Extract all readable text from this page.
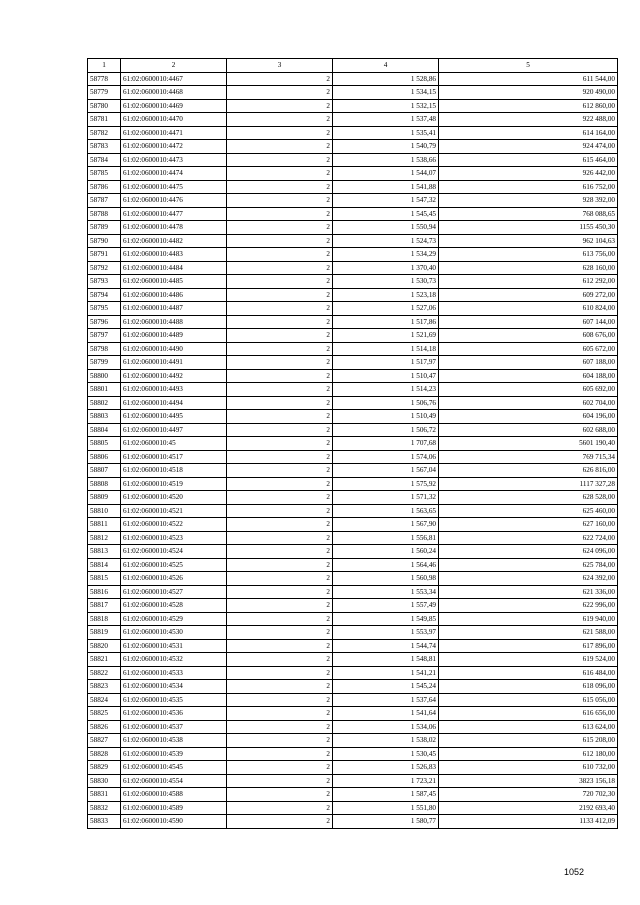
1	2	3	4	5
58778	61:02:0600010:4467	2	1 528,86	611 544,00
58779	61:02:0600010:4468	2	1 534,15	920 490,00
58780	61:02:0600010:4469	2	1 532,15	612 860,00
58781	61:02:0600010:4470	2	1 537,48	922 488,00
58782	61:02:0600010:4471	2	1 535,41	614 164,00
58783	61:02:0600010:4472	2	1 540,79	924 474,00
58784	61:02:0600010:4473	2	1 538,66	615 464,00
58785	61:02:0600010:4474	2	1 544,07	926 442,00
58786	61:02:0600010:4475	2	1 541,88	616 752,00
58787	61:02:0600010:4476	2	1 547,32	928 392,00
58788	61:02:0600010:4477	2	1 545,45	768 088,65
58789	61:02:0600010:4478	2	1 550,94	1155 450,30
58790	61:02:0600010:4482	2	1 524,73	962 104,63
58791	61:02:0600010:4483	2	1 534,29	613 756,00
58792	61:02:0600010:4484	2	1 370,40	628 160,00
58793	61:02:0600010:4485	2	1 530,73	612 292,00
58794	61:02:0600010:4486	2	1 523,18	609 272,00
58795	61:02:0600010:4487	2	1 527,06	610 824,00
58796	61:02:0600010:4488	2	1 517,86	607 144,00
58797	61:02:0600010:4489	2	1 521,69	608 676,00
58798	61:02:0600010:4490	2	1 514,18	605 672,00
58799	61:02:0600010:4491	2	1 517,97	607 188,00
58800	61:02:0600010:4492	2	1 510,47	604 188,00
58801	61:02:0600010:4493	2	1 514,23	605 692,00
58802	61:02:0600010:4494	2	1 506,76	602 704,00
58803	61:02:0600010:4495	2	1 510,49	604 196,00
58804	61:02:0600010:4497	2	1 506,72	602 688,00
58805	61:02:0600010:45	2	1 707,68	5601 190,40
58806	61:02:0600010:4517	2	1 574,06	769 715,34
58807	61:02:0600010:4518	2	1 567,04	626 816,00
58808	61:02:0600010:4519	2	1 575,92	1117 327,28
58809	61:02:0600010:4520	2	1 571,32	628 528,00
58810	61:02:0600010:4521	2	1 563,65	625 460,00
58811	61:02:0600010:4522	2	1 567,90	627 160,00
58812	61:02:0600010:4523	2	1 556,81	622 724,00
58813	61:02:0600010:4524	2	1 560,24	624 096,00
58814	61:02:0600010:4525	2	1 564,46	625 784,00
58815	61:02:0600010:4526	2	1 560,98	624 392,00
58816	61:02:0600010:4527	2	1 553,34	621 336,00
58817	61:02:0600010:4528	2	1 557,49	622 996,00
58818	61:02:0600010:4529	2	1 549,85	619 940,00
58819	61:02:0600010:4530	2	1 553,97	621 588,00
58820	61:02:0600010:4531	2	1 544,74	617 896,00
58821	61:02:0600010:4532	2	1 548,81	619 524,00
58822	61:02:0600010:4533	2	1 541,21	616 484,00
58823	61:02:0600010:4534	2	1 545,24	618 096,00
58824	61:02:0600010:4535	2	1 537,64	615 056,00
58825	61:02:0600010:4536	2	1 541,64	616 656,00
58826	61:02:0600010:4537	2	1 534,06	613 624,00
58827	61:02:0600010:4538	2	1 538,02	615 208,00
58828	61:02:0600010:4539	2	1 530,45	612 180,00
58829	61:02:0600010:4545	2	1 526,83	610 732,00
58830	61:02:0600010:4554	2	1 723,21	3823 156,18
58831	61:02:0600010:4588	2	1 587,45	720 702,30
58832	61:02:0600010:4589	2	1 551,80	2192 693,40
58833	61:02:0600010:4590	2	1 580,77	1133 412,09
1052
